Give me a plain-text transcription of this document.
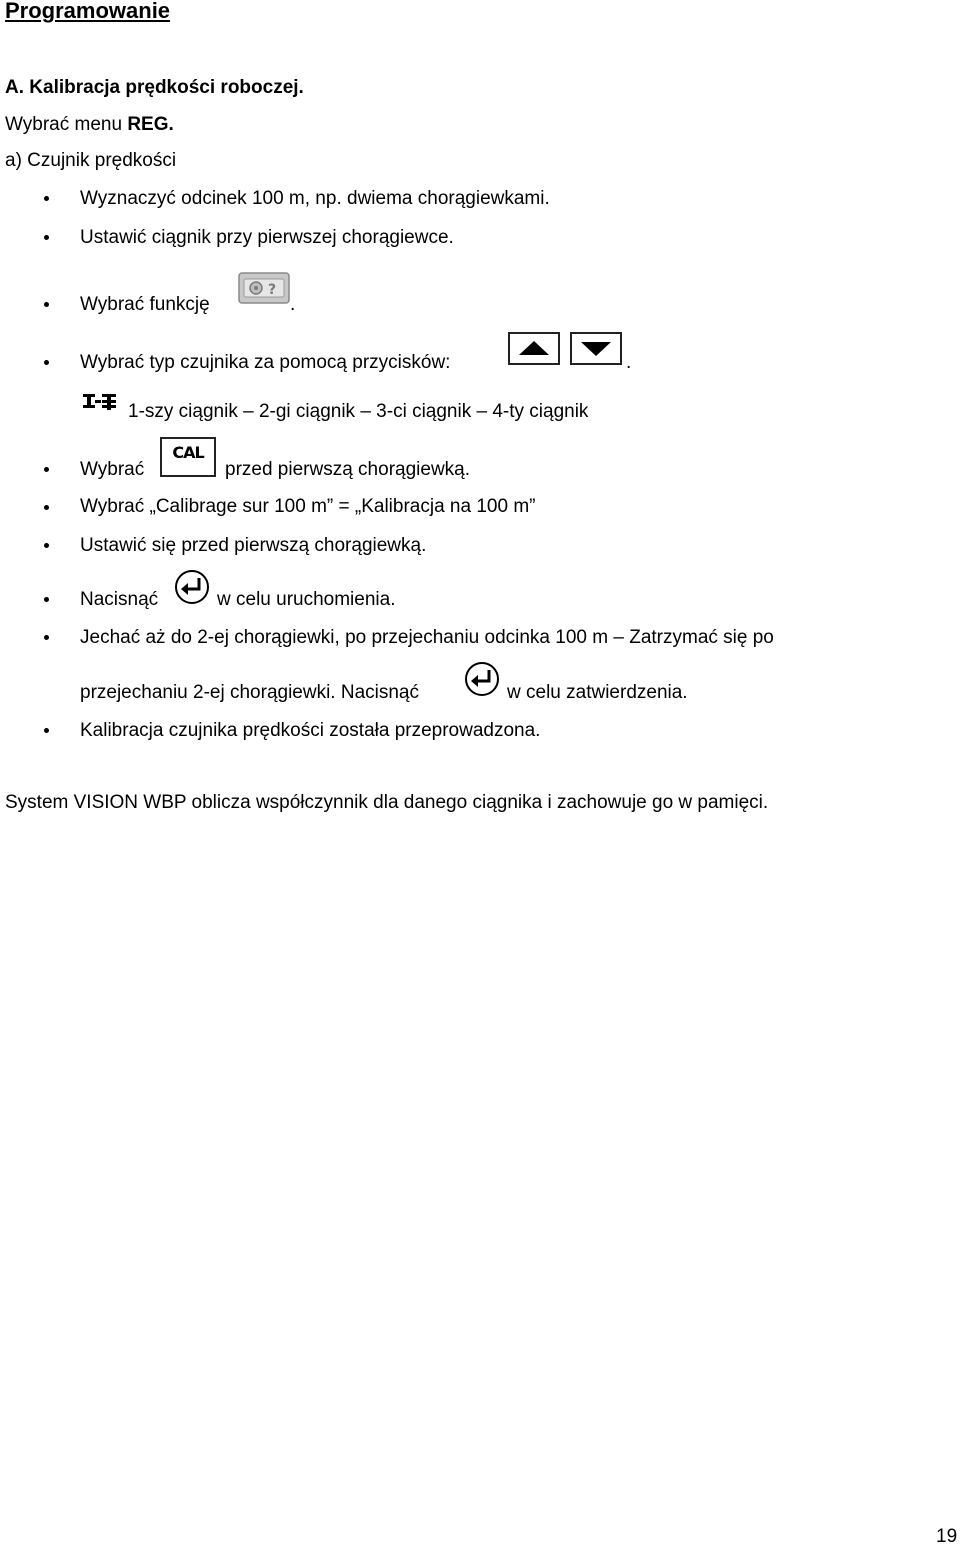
Programowanie
A. Kalibracja prędkości roboczej.
Wybrać menu REG.
a) Czujnik prędkości
Wyznaczyć odcinek 100 m, np. dwiema chorągiewkami.
Ustawić ciągnik przy pierwszej chorągiewce.
Wybrać funkcję
?
.
Wybrać typ czujnika za pomocą przycisków:	.
1-szy ciągnik – 2-gi ciągnik – 3-ci ciągnik – 4-ty ciągnik
Wybrać
CAL
przed pierwszą chorągiewką.
Wybrać „Calibrage sur 100 m” = „Kalibracja na 100 m”
Ustawić się przed pierwszą chorągiewką.
Nacisnąć	w celu uruchomienia.
Jechać aż do 2-ej chorągiewki, po przejechaniu odcinka 100 m – Zatrzymać się po
przejechaniu 2-ej chorągiewki. Nacisnąć	w celu zatwierdzenia.
Kalibracja czujnika prędkości została przeprowadzona.
System VISION WBP oblicza współczynnik dla danego ciągnika i zachowuje go w pamięci.
19
